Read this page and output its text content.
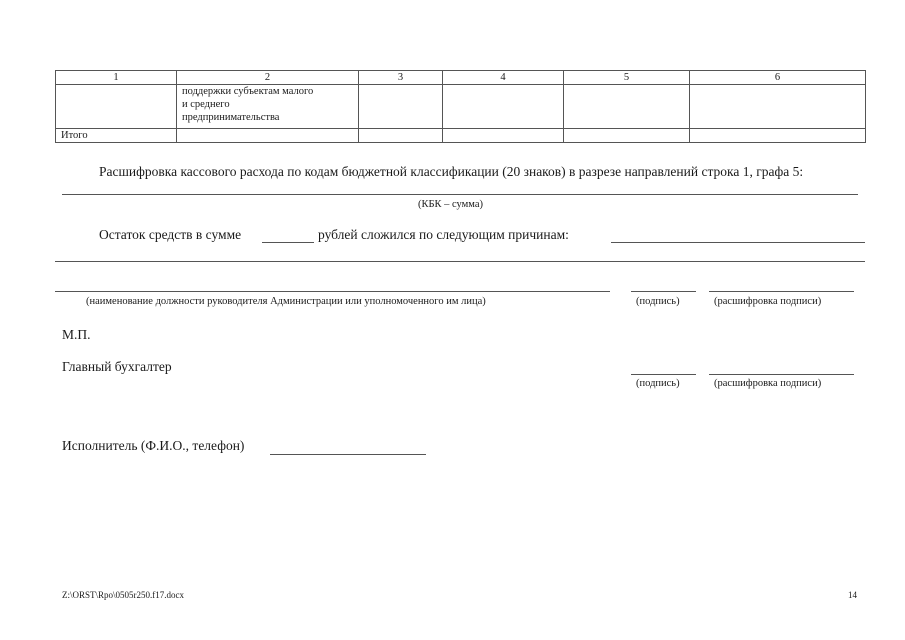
1	2	3	4	5	6

	поддержки субъектам малого
и среднего
предпринимательства				

Итого					
Расшифровка кассового расхода по кодам бюджетной классификации (20 знаков) в разрезе направлений строка 1, графа 5:
(КБК – сумма)
Остаток средств в сумме	рублей сложился по следующим причинам:
(наименование должности руководителя Администрации или уполномоченного им лица)	(подпись)	(расшифровка подписи)
М.П.
Главный бухгалтер
(подпись)	(расшифровка подписи)
Исполнитель (Ф.И.О., телефон)
Z:\ORST\Rpo\0505r250.f17.docx	14
